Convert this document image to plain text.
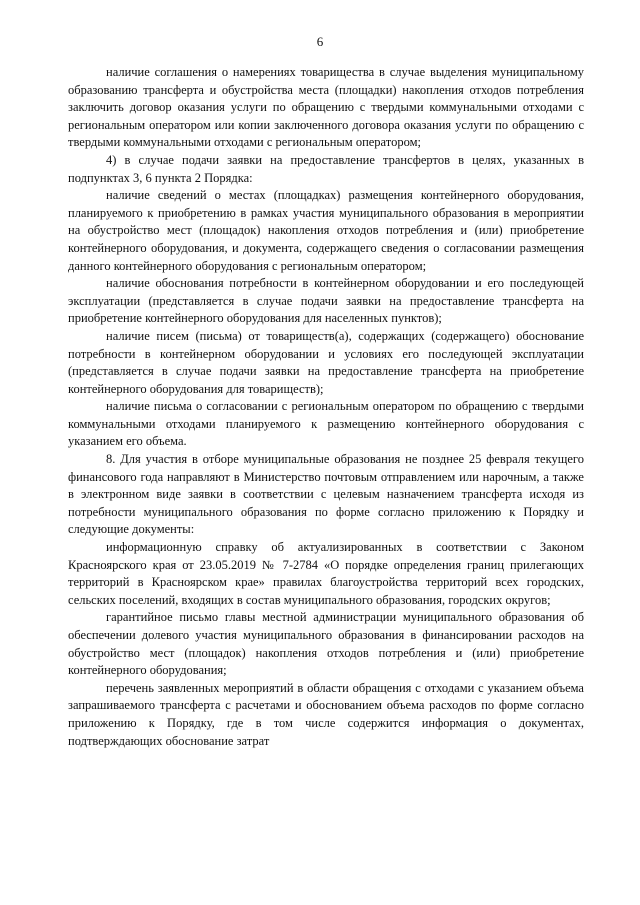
6

наличие соглашения о намерениях товарищества в случае выделения муниципальному образованию трансферта и обустройства места (площадки) накопления отходов потребления заключить договор оказания услуги по обращению с твердыми коммунальными отходами с региональным оператором или копии заключенного договора оказания услуги по обращению с твердыми коммунальными отходами с региональным оператором;

4) в случае подачи заявки на предоставление трансфертов в целях, указанных в подпунктах 3, 6 пункта 2 Порядка:

наличие сведений о местах (площадках) размещения контейнерного оборудования, планируемого к приобретению в рамках участия муниципального образования в мероприятии на обустройство мест (площадок) накопления отходов потребления и (или) приобретение контейнерного оборудования, и документа, содержащего сведения о согласовании размещения данного контейнерного оборудования с региональным оператором;

наличие обоснования потребности в контейнерном оборудовании и его последующей эксплуатации (представляется в случае подачи заявки на предоставление трансферта на приобретение контейнерного оборудования для населенных пунктов);

наличие писем (письма) от товариществ(а), содержащих (содержащего) обоснование потребности в контейнерном оборудовании и условиях его последующей эксплуатации (представляется в случае подачи заявки на предоставление трансферта на приобретение контейнерного оборудования для товариществ);

наличие письма о согласовании с региональным оператором по обращению с твердыми коммунальными отходами планируемого к размещению контейнерного оборудования с указанием его объема.

8. Для участия в отборе муниципальные образования не позднее 25 февраля текущего финансового года направляют в Министерство почтовым отправлением или нарочным, а также в электронном виде заявки в соответствии с целевым назначением трансферта исходя из потребности муниципального образования по форме согласно приложению к Порядку и следующие документы:

информационную справку об актуализированных в соответствии с Законом Красноярского края от 23.05.2019 № 7-2784 «О порядке определения границ прилегающих территорий в Красноярском крае» правилах благоустройства территорий всех городских, сельских поселений, входящих в состав муниципального образования, городских округов;

гарантийное письмо главы местной администрации муниципального образования об обеспечении долевого участия муниципального образования в финансировании расходов на обустройство мест (площадок) накопления отходов потребления и (или) приобретение контейнерного оборудования;

перечень заявленных мероприятий в области обращения с отходами с указанием объема запрашиваемого трансферта с расчетами и обоснованием объема расходов по форме согласно приложению к Порядку, где в том числе содержится информация о документах, подтверждающих обоснование затрат
